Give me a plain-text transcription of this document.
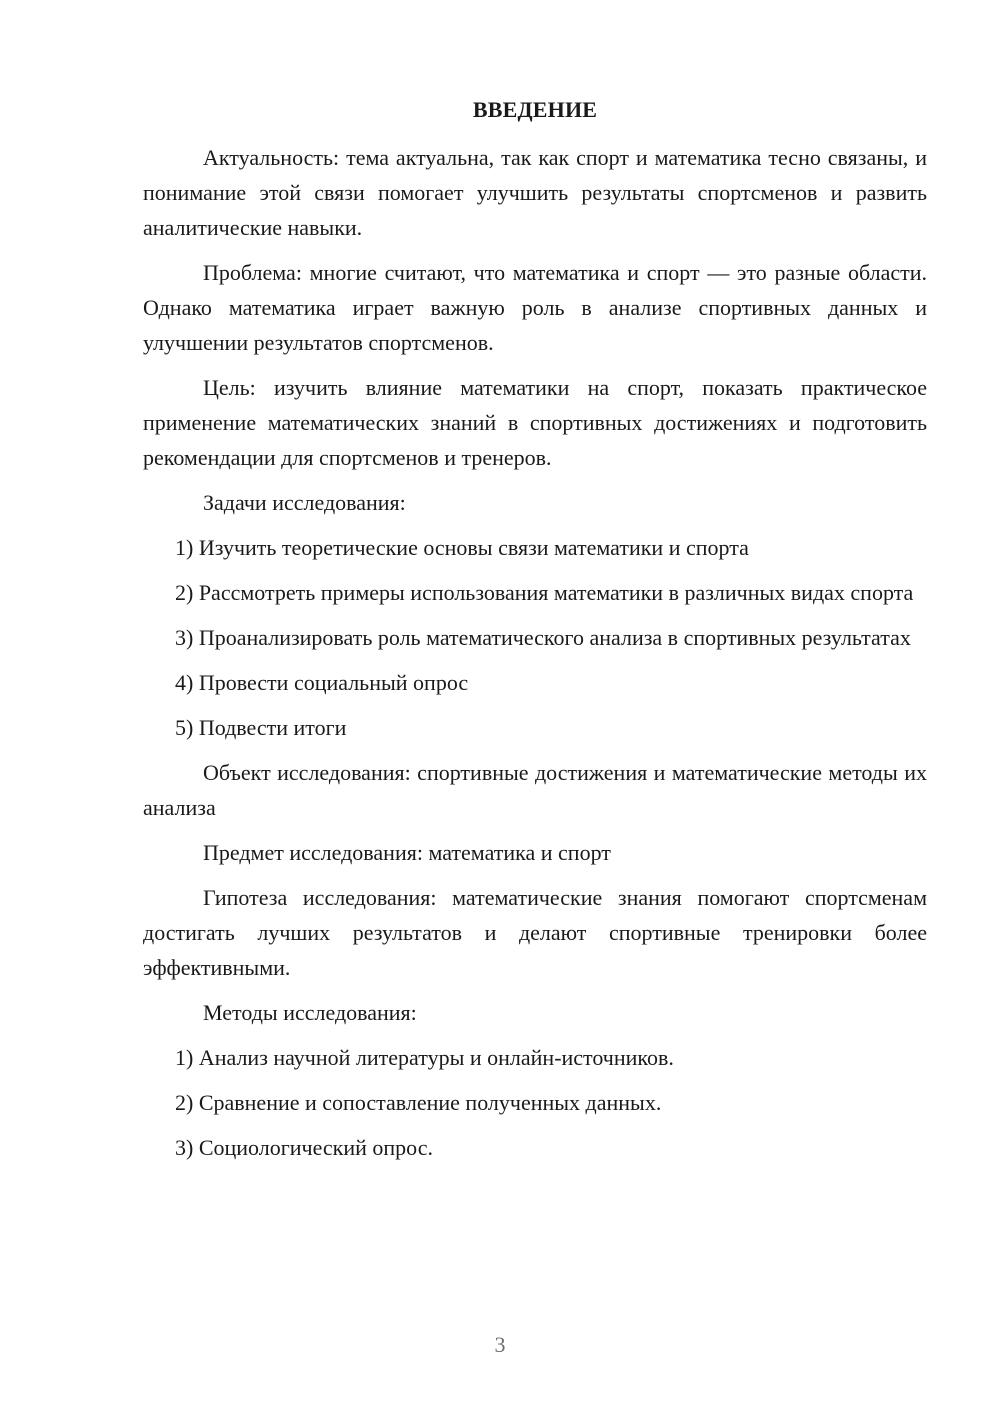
ВВЕДЕНИЕ

Актуальность: тема актуальна, так как спорт и математика тесно связаны, и понимание этой связи помогает улучшить результаты спортсменов и развить аналитические навыки.

Проблема: многие считают, что математика и спорт — это разные области. Однако математика играет важную роль в анализе спортивных данных и улучшении результатов спортсменов.

Цель: изучить влияние математики на спорт, показать практическое применение математических знаний в спортивных достижениях и подготовить рекомендации для спортсменов и тренеров.

Задачи исследования:

1) Изучить теоретические основы связи математики и спорта

2) Рассмотреть примеры использования математики в различных видах спорта

3) Проанализировать роль математического анализа в спортивных результатах

4) Провести социальный опрос

5) Подвести итоги

Объект исследования: спортивные достижения и математические методы их анализа

Предмет исследования: математика и спорт

Гипотеза исследования: математические знания помогают спортсменам достигать лучших результатов и делают спортивные тренировки более эффективными.

Методы исследования:

1) Анализ научной литературы и онлайн-источников.

2) Сравнение и сопоставление полученных данных.

3) Социологический опрос.

3
